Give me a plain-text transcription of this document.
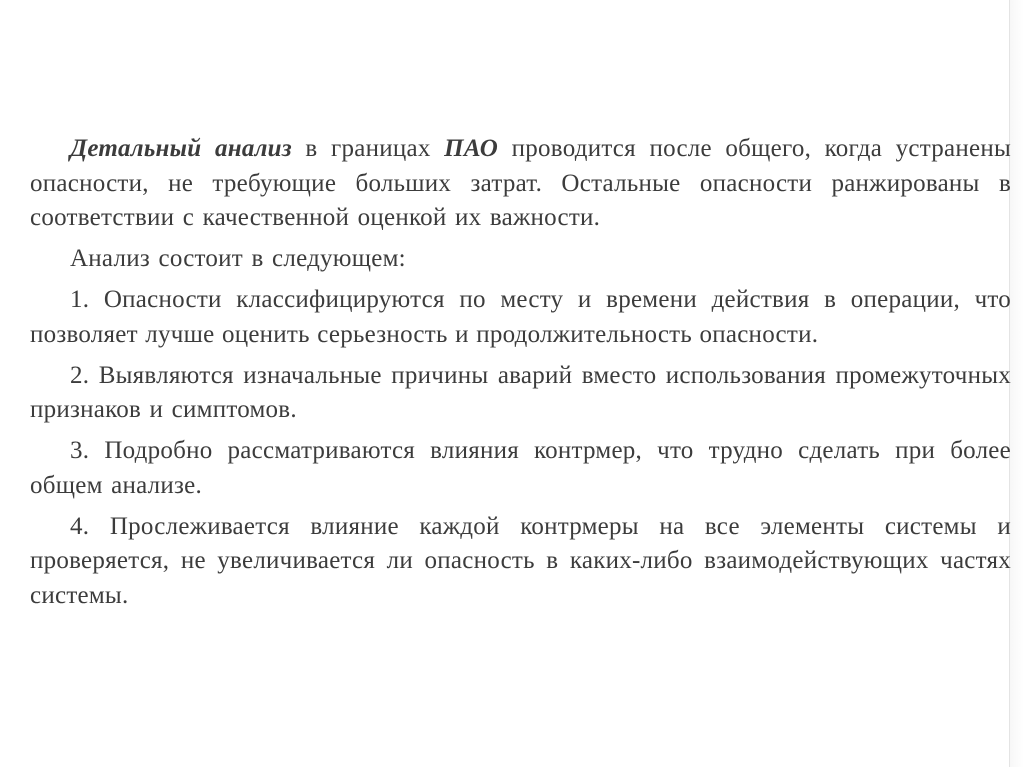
Детальный анализ в границах ПАО проводится после общего, когда устранены опасности, не требующие больших затрат. Остальные опасности ранжированы в соответствии с качественной оценкой их важности.

Анализ состоит в следующем:

1. Опасности классифицируются по месту и времени действия в операции, что позволяет лучше оценить серьезность и продолжительность опасности.

2. Выявляются изначальные причины аварий вместо использования промежуточных признаков и симптомов.

3. Подробно рассматриваются влияния контрмер, что трудно сделать при более общем анализе.

4. Прослеживается влияние каждой контрмеры на все элементы системы и проверяется, не увеличивается ли опасность в каких-либо взаимодействующих частях системы.
